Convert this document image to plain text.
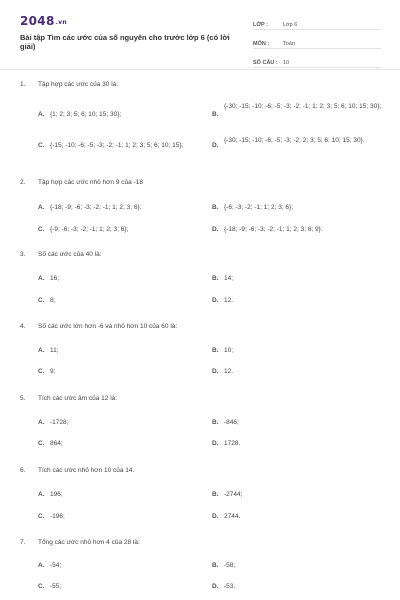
2048.vn
Bài tập Tìm các ước của số nguyên cho trước lớp 6 (có lời giải)
LỚP :	Lớp 6
MÔN :	Toán
SỐ CÂU : 10
1. Tập hợp các ước của 30 là:
A. {1; 2; 3; 5; 6; 10; 15; 30};	B.
{-30; -15; -10; -6; -5; -3; -2; -1; 1; 2; 3; 5; 6; 10; 15; 30};
C. {-15; -10; -6; -5; -3; -2; -1; 1; 2; 3; 5; 6; 10; 15};	D.
{-30; -15; -10; -6; -5; -3; -2; 2; 3; 5; 6; 10; 15; 30}.
2. Tập hợp các ước nhỏ hơn 9 của -18
A. {-18; -9; -6; -3; -2; -1; 1; 2; 3; 6};	B. {-6; -3; -2; -1; 1; 2; 3; 6};
C. {-9; -6; -3; -2; -1; 1; 2; 3; 6};	D. {-18; -9; -6; -3; -2; -1; 1; 2; 3; 6; 9}.
3. Số các ước của 40 là:
A. 16;	B. 14;
C. 8;	D. 12.
4. Số các ước lớn hơn -6 và nhỏ hơn 10 của 60 là:
A. 11;	B. 10;
C. 9;	D. 12.
5. Tích các ước âm của 12 là:
A. -1728;	B. -846;
C. 864;	D. 1728.
6. Tích các ước nhỏ hơn 10 của 14.
A. 196;	B. -2744;
C. -196;	D. 2744.
7. Tổng các ước nhỏ hơn 4 của 28 là:
A. -54;	B. -58;
C. -55;	D. -53.
